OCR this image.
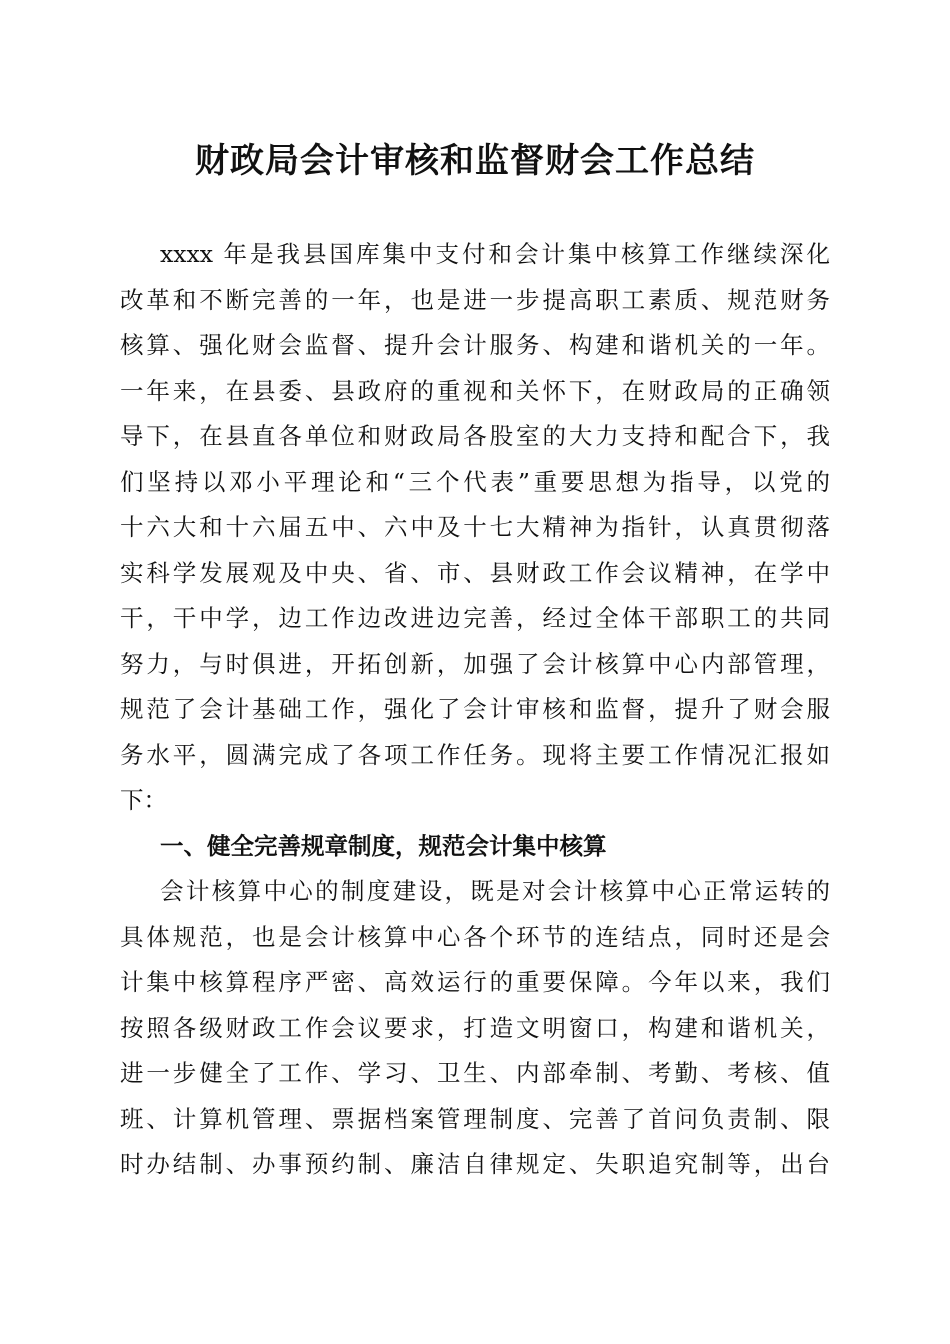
财政局会计审核和监督财会工作总结
xxxx 年是我县国库集中支付和会计集中核算工作继续深化
改革和不断完善的一年，也是进一步提高职工素质、规范财务
核算、强化财会监督、提升会计服务、构建和谐机关的一年。
一年来，在县委、县政府的重视和关怀下，在财政局的正确领
导下，在县直各单位和财政局各股室的大力支持和配合下，我
们坚持以邓小平理论和“三个代表”重要思想为指导，以党的
十六大和十六届五中、六中及十七大精神为指针，认真贯彻落
实科学发展观及中央、省、市、县财政工作会议精神，在学中
干，干中学，边工作边改进边完善，经过全体干部职工的共同
努力，与时俱进，开拓创新，加强了会计核算中心内部管理，
规范了会计基础工作，强化了会计审核和监督，提升了财会服
务水平，圆满完成了各项工作任务。现将主要工作情况汇报如
下：
一、健全完善规章制度，规范会计集中核算
会计核算中心的制度建设，既是对会计核算中心正常运转的
具体规范，也是会计核算中心各个环节的连结点，同时还是会
计集中核算程序严密、高效运行的重要保障。今年以来，我们
按照各级财政工作会议要求，打造文明窗口，构建和谐机关，
进一步健全了工作、学习、卫生、内部牵制、考勤、考核、值
班、计算机管理、票据档案管理制度、完善了首问负责制、限
时办结制、办事预约制、廉洁自律规定、失职追究制等，出台
